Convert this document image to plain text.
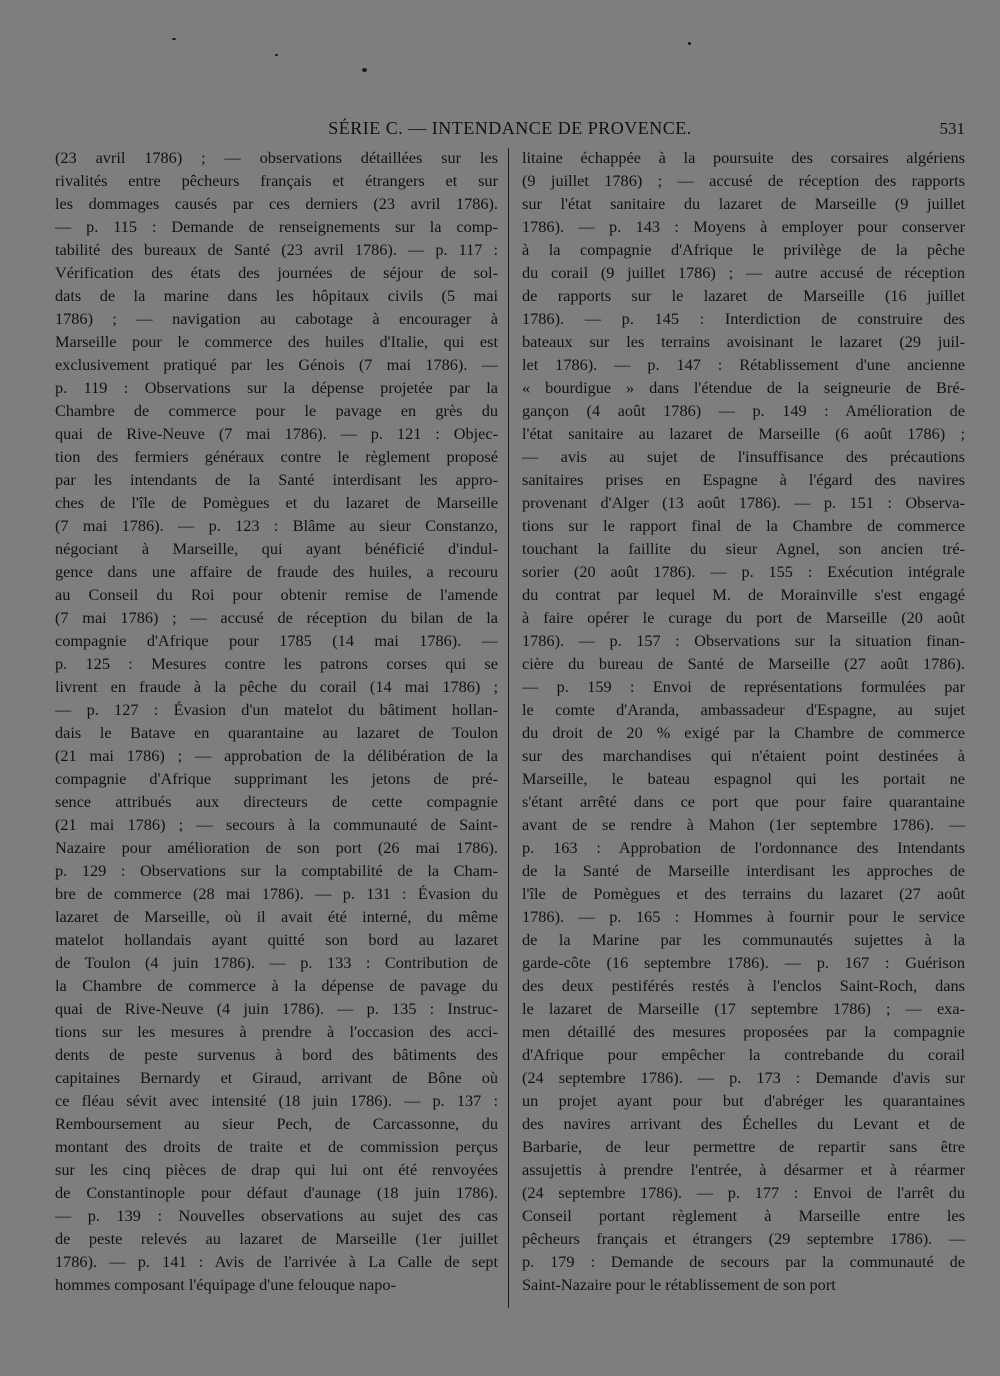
SÉRIE C. — INTENDANCE DE PROVENCE.	531
(23 avril 1786) ; — observations détaillées sur les
rivalités entre pêcheurs français et étrangers et sur
les dommages causés par ces derniers (23 avril 1786).
— p. 115 : Demande de renseignements sur la comp-
tabilité des bureaux de Santé (23 avril 1786). — p. 117 :
Vérification des états des journées de séjour de sol-
dats de la marine dans les hôpitaux civils (5 mai
1786) ; — navigation au cabotage à encourager à
Marseille pour le commerce des huiles d'Italie, qui est
exclusivement pratiqué par les Génois (7 mai 1786). —
p. 119 : Observations sur la dépense projetée par la
Chambre de commerce pour le pavage en grès du
quai de Rive-Neuve (7 mai 1786). — p. 121 : Objec-
tion des fermiers généraux contre le règlement proposé
par les intendants de la Santé interdisant les appro-
ches de l'île de Pomègues et du lazaret de Marseille
(7 mai 1786). — p. 123 : Blâme au sieur Constanzo,
négociant à Marseille, qui ayant bénéficié d'indul-
gence dans une affaire de fraude des huiles, a recouru
au Conseil du Roi pour obtenir remise de l'amende
(7 mai 1786) ; — accusé de réception du bilan de la
compagnie d'Afrique pour 1785 (14 mai 1786). —
p. 125 : Mesures contre les patrons corses qui se
livrent en fraude à la pêche du corail (14 mai 1786) ;
— p. 127 : Évasion d'un matelot du bâtiment hollan-
dais le Batave en quarantaine au lazaret de Toulon
(21 mai 1786) ; — approbation de la délibération de la
compagnie d'Afrique supprimant les jetons de pré-
sence attribués aux directeurs de cette compagnie
(21 mai 1786) ; — secours à la communauté de Saint-
Nazaire pour amélioration de son port (26 mai 1786).
p. 129 : Observations sur la comptabilité de la Cham-
bre de commerce (28 mai 1786). — p. 131 : Évasion du
lazaret de Marseille, où il avait été interné, du même
matelot hollandais ayant quitté son bord au lazaret
de Toulon (4 juin 1786). — p. 133 : Contribution de
la Chambre de commerce à la dépense de pavage du
quai de Rive-Neuve (4 juin 1786). — p. 135 : Instruc-
tions sur les mesures à prendre à l'occasion des acci-
dents de peste survenus à bord des bâtiments des
capitaines Bernardy et Giraud, arrivant de Bône où
ce fléau sévit avec intensité (18 juin 1786). — p. 137 :
Remboursement au sieur Pech, de Carcassonne, du
montant des droits de traite et de commission perçus
sur les cinq pièces de drap qui lui ont été renvoyées
de Constantinople pour défaut d'aunage (18 juin 1786).
— p. 139 : Nouvelles observations au sujet des cas
de peste relevés au lazaret de Marseille (1er juillet
1786). — p. 141 : Avis de l'arrivée à La Calle de sept
hommes composant l'équipage d'une felouque napo-
litaine échappée à la poursuite des corsaires algériens
(9 juillet 1786) ; — accusé de réception des rapports
sur l'état sanitaire du lazaret de Marseille (9 juillet
1786). — p. 143 : Moyens à employer pour conserver
à la compagnie d'Afrique le privilège de la pêche
du corail (9 juillet 1786) ; — autre accusé de réception
de rapports sur le lazaret de Marseille (16 juillet
1786). — p. 145 : Interdiction de construire des
bateaux sur les terrains avoisinant le lazaret (29 juil-
let 1786). — p. 147 : Rétablissement d'une ancienne
« bourdigue » dans l'étendue de la seigneurie de Bré-
gançon (4 août 1786) — p. 149 : Amélioration de
l'état sanitaire au lazaret de Marseille (6 août 1786) ;
— avis au sujet de l'insuffisance des précautions
sanitaires prises en Espagne à l'égard des navires
provenant d'Alger (13 août 1786). — p. 151 : Observa-
tions sur le rapport final de la Chambre de commerce
touchant la faillite du sieur Agnel, son ancien tré-
sorier (20 août 1786). — p. 155 : Exécution intégrale
du contrat par lequel M. de Morainville s'est engagé
à faire opérer le curage du port de Marseille (20 août
1786). — p. 157 : Observations sur la situation finan-
cière du bureau de Santé de Marseille (27 août 1786).
— p. 159 : Envoi de représentations formulées par
le comte d'Aranda, ambassadeur d'Espagne, au sujet
du droit de 20 % exigé par la Chambre de commerce
sur des marchandises qui n'étaient point destinées à
Marseille, le bateau espagnol qui les portait ne
s'étant arrêté dans ce port que pour faire quarantaine
avant de se rendre à Mahon (1er septembre 1786). —
p. 163 : Approbation de l'ordonnance des Intendants
de la Santé de Marseille interdisant les approches de
l'île de Pomègues et des terrains du lazaret (27 août
1786). — p. 165 : Hommes à fournir pour le service
de la Marine par les communautés sujettes à la
garde-côte (16 septembre 1786). — p. 167 : Guérison
des deux pestiférés restés à l'enclos Saint-Roch, dans
le lazaret de Marseille (17 septembre 1786) ; — exa-
men détaillé des mesures proposées par la compagnie
d'Afrique pour empêcher la contrebande du corail
(24 septembre 1786). — p. 173 : Demande d'avis sur
un projet ayant pour but d'abréger les quarantaines
des navires arrivant des Échelles du Levant et de
Barbarie, de leur permettre de repartir sans être
assujettis à prendre l'entrée, à désarmer et à réarmer
(24 septembre 1786). — p. 177 : Envoi de l'arrêt du
Conseil portant règlement à Marseille entre les
pêcheurs français et étrangers (29 septembre 1786). —
p. 179 : Demande de secours par la communauté de
Saint-Nazaire pour le rétablissement de son port
